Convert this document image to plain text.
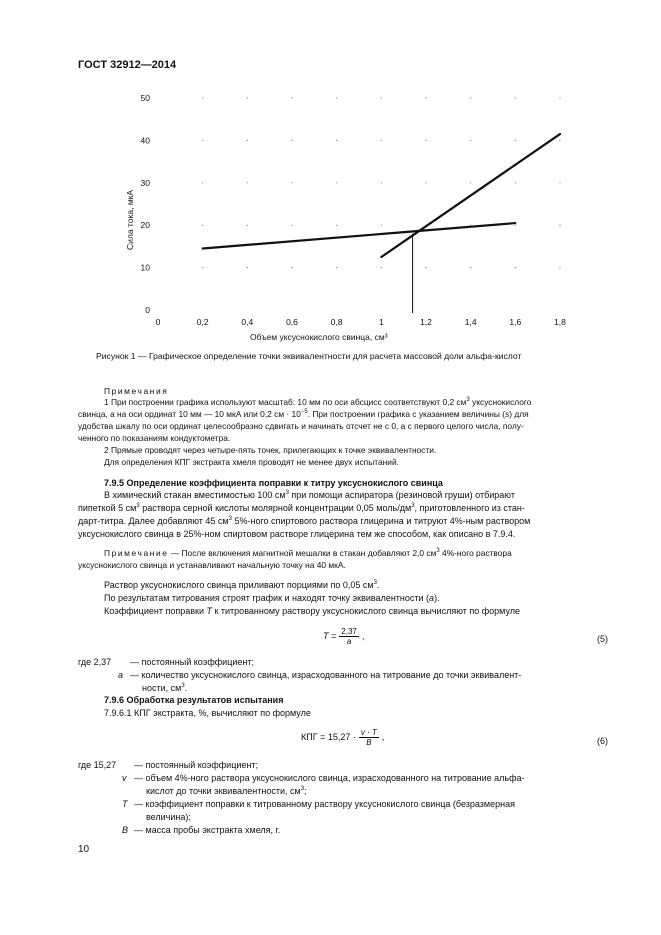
ГОСТ 32912—2014
0
10
20
30
40
50
0	0,2	0,4	0,6	0,8	1	1,2	1,4	1,6	1,8
Сила тока, мкА
Объем уксуснокислого свинца, см³
Рисунок 1 — Графическое определение точки эквивалентности для расчета массовой доли альфа-кислот
Примечания
1 При построении графика используют масштаб: 10 мм по оси абсцисс соответствуют 0,2 $см^3$ уксуснокислого
свинца, а на оси ординат 10 мм — 10 мкА или 0,2 см · $10^{-5}$. При построении графика с указанием величины (s) для
удобства шкалу по оси ординат целесообразно сдвигать и начинать отсчет не с 0, а с первого целого числа, полу-
ченного по показаниям кондуктометра.
2 Прямые проводят через четыре-пять точек, прилегающих к точке эквивалентности.
Для определения КПГ экстракта хмеля проводят не менее двух испытаний.
7.9.5 Определение коэффициента поправки к титру уксуснокислого свинца
В химический стакан вместимостью 100 $см^3$ при помощи аспиратора (резиновой груши) отбирают
пипеткой 5 $см^3$ раствора серной кислоты молярной концентрации 0,05 моль/$дм^3$, приготовленного из стан-
дарт-титра. Далее добавляют 45 $см^3$ 5%-ного спиртового раствора глицерина и титруют 4%-ным раствором
уксуснокислого свинца в 25%-ном спиртовом растворе глицерина тем же способом, как описано в 7.9.4.
Примечание — После включения магнитной мешалки в стакан добавляют 2,0 $см^3$ 4%-ного раствора
уксуснокислого свинца и устанавливают начальную точку на 40 мкА.
Раствор уксуснокислого свинца приливают порциями по 0,05 $см^3$.
По результатам титрования строят график и находят точку эквивалентности (а).
Коэффициент поправки Т к титрованному раствору уксуснокислого свинца вычисляют по формуле
$T = \frac{2,37}{a}$ ,	(5)
где 2,37 — постоянный коэффициент;
а — количество уксуснокислого свинца, израсходованного на титрование до точки эквивалент-
ности, $см^3$.
7.9.6 Обработка результатов испытания
7.9.6.1 КПГ экстракта, %, вычисляют по формуле
КПГ = $15,27 \cdot \frac{v \cdot T}{B}$ ,	(6)
где 15,27 — постоянный коэффициент;
v — объем 4%-ного раствора уксуснокислого свинца, израсходованного на титрование альфа-
кислот до точки эквивалентности, $см^3$;
Т — коэффициент поправки к титрованному раствору уксуснокислого свинца (безразмерная
величина);
В — масса пробы экстракта хмеля, г.
10
